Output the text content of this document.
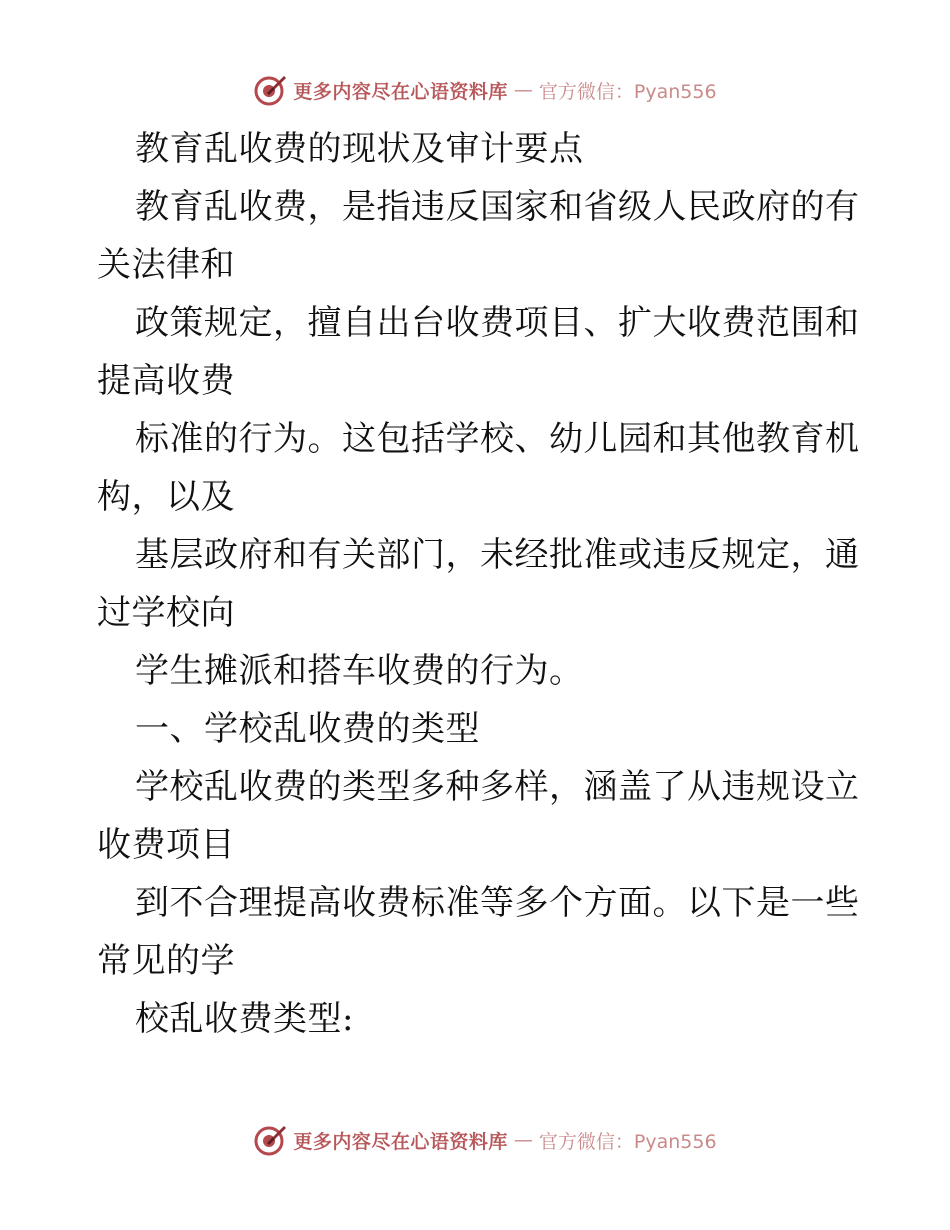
更多内容尽在心语资料库 — 官方微信：Pyan556
教育乱收费的现状及审计要点
教育乱收费，是指违反国家和省级人民政府的有
关法律和
政策规定，擅自出台收费项目、扩大收费范围和
提高收费
标准的行为。这包括学校、幼儿园和其他教育机
构，以及
基层政府和有关部门，未经批准或违反规定，通
过学校向
学生摊派和搭车收费的行为。
一、学校乱收费的类型
学校乱收费的类型多种多样，涵盖了从违规设立
收费项目
到不合理提高收费标准等多个方面。以下是一些
常见的学
校乱收费类型:
更多内容尽在心语资料库 — 官方微信：Pyan556
